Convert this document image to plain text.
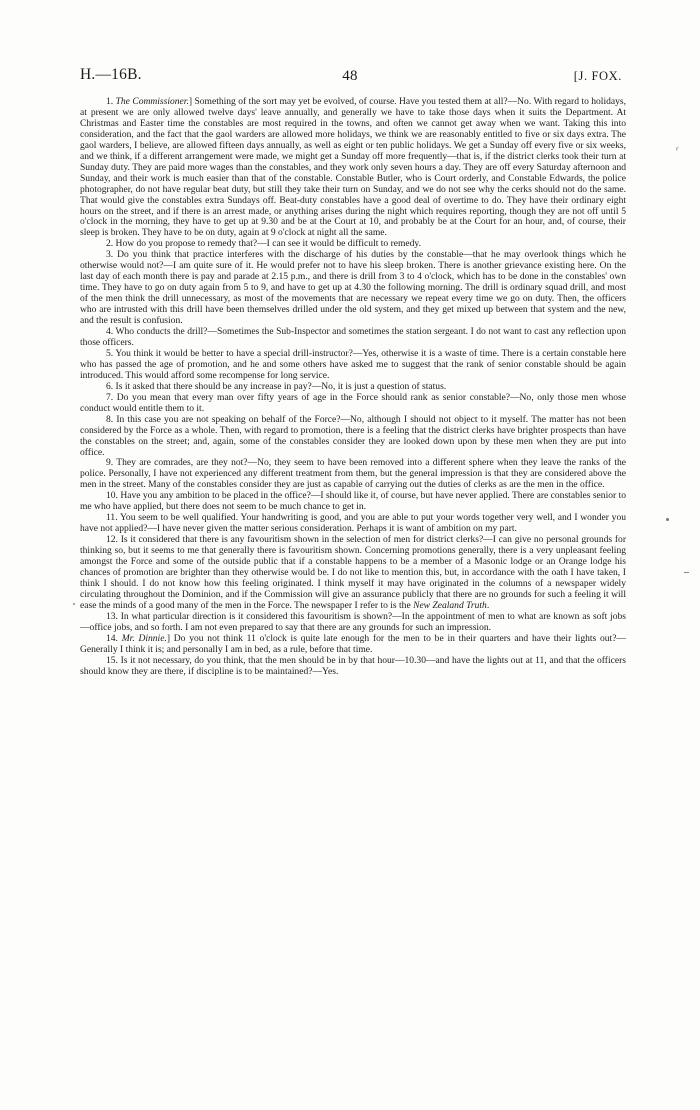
H.—16B.	48	[J. FOX.

1. The Commissioner.] Something of the sort may yet be evolved, of course. Have you tested them at all?—No. With regard to holidays, at present we are only allowed twelve days' leave annually, and generally we have to take those days when it suits the Department. At Christmas and Easter time the constables are most required in the towns, and often we cannot get away when we want. Taking this into consideration, and the fact that the gaol warders are allowed more holidays, we think we are reasonably entitled to five or six days extra. The gaol warders, I believe, are allowed fifteen days annually, as well as eight or ten public holidays. We get a Sunday off every five or six weeks, and we think, if a different arrangement were made, we might get a Sunday off more frequently—that is, if the district clerks took their turn at Sunday duty. They are paid more wages than the constables, and they work only seven hours a day. They are off every Saturday afternoon and Sunday, and their work is much easier than that of the constable. Constable Butler, who is Court orderly, and Constable Edwards, the police photographer, do not have regular beat duty, but still they take their turn on Sunday, and we do not see why the cerks should not do the same. That would give the constables extra Sundays off. Beat-duty constables have a good deal of overtime to do. They have their ordinary eight hours on the street, and if there is an arrest made, or anything arises during the night which requires reporting, though they are not off until 5 o'clock in the morning, they have to get up at 9.30 and be at the Court at 10, and probably be at the Court for an hour, and, of course, their sleep is broken. They have to be on duty, again at 9 o'clock at night all the same.

2. How do you propose to remedy that?—I can see it would be difficult to remedy.

3. Do you think that practice interferes with the discharge of his duties by the constable—that he may overlook things which he otherwise would not?—I am quite sure of it. He would prefer not to have his sleep broken. There is another grievance existing here. On the last day of each month there is pay and parade at 2.15 p.m., and there is drill from 3 to 4 o'clock, which has to be done in the constables' own time. They have to go on duty again from 5 to 9, and have to get up at 4.30 the following morning. The drill is ordinary squad drill, and most of the men think the drill unnecessary, as most of the movements that are necessary we repeat every time we go on duty. Then, the officers who are intrusted with this drill have been themselves drilled under the old system, and they get mixed up between that system and the new, and the result is confusion.

4. Who conducts the drill?—Sometimes the Sub-Inspector and sometimes the station sergeant. I do not want to cast any reflection upon those officers.

5. You think it would be better to have a special drill-instructor?—Yes, otherwise it is a waste of time. There is a certain constable here who has passed the age of promotion, and he and some others have asked me to suggest that the rank of senior constable should be again introduced. This would afford some recompense for long service.

6. Is it asked that there should be any increase in pay?—No, it is just a question of status.

7. Do you mean that every man over fifty years of age in the Force should rank as senior constable?—No, only those men whose conduct would entitle them to it.

8. In this case you are not speaking on behalf of the Force?—No, although I should not object to it myself. The matter has not been considered by the Force as a whole. Then, with regard to promotion, there is a feeling that the district clerks have brighter prospects than have the constables on the street; and, again, some of the constables consider they are looked down upon by these men when they are put into office.

9. They are comrades, are they not?—No, they seem to have been removed into a different sphere when they leave the ranks of the police. Personally, I have not experienced any different treatment from them, but the general impression is that they are considered above the men in the street. Many of the constables consider they are just as capable of carrying out the duties of clerks as are the men in the office.

10. Have you any ambition to be placed in the office?—I should like it, of course, but have never applied. There are constables senior to me who have applied, but there does not seem to be much chance to get in.

11. You seem to be well qualified. Your handwriting is good, and you are able to put your words together very well, and I wonder you have not applied?—I have never given the matter serious consideration. Perhaps it is want of ambition on my part.

12. Is it considered that there is any favouritism shown in the selection of men for district clerks?—I can give no personal grounds for thinking so, but it seems to me that generally there is favouritism shown. Concerning promotions generally, there is a very unpleasant feeling amongst the Force and some of the outside public that if a constable happens to be a member of a Masonic lodge or an Orange lodge his chances of promotion are brighter than they otherwise would be. I do not like to mention this, but, in accordance with the oath I have taken, I think I should. I do not know how this feeling originated. I think myself it may have originated in the columns of a newspaper widely circulating throughout the Dominion, and if the Commission will give an assurance publicly that there are no grounds for such a feeling it will ease the minds of a good many of the men in the Force. The newspaper I refer to is the New Zealand Truth.

13. In what particular direction is it considered this favouritism is shown?—In the appointment of men to what are known as soft jobs—office jobs, and so forth. I am not even prepared to say that there are any grounds for such an impression.

14. Mr. Dinnie.] Do you not think 11 o'clock is quite late enough for the men to be in their quarters and have their lights out?—Generally I think it is; and personally I am in bed, as a rule, before that time.

15. Is it not necessary, do you think, that the men should be in by that hour—10.30—and have the lights out at 11, and that the officers should know they are there, if discipline is to be maintained?—Yes.

ʳ
